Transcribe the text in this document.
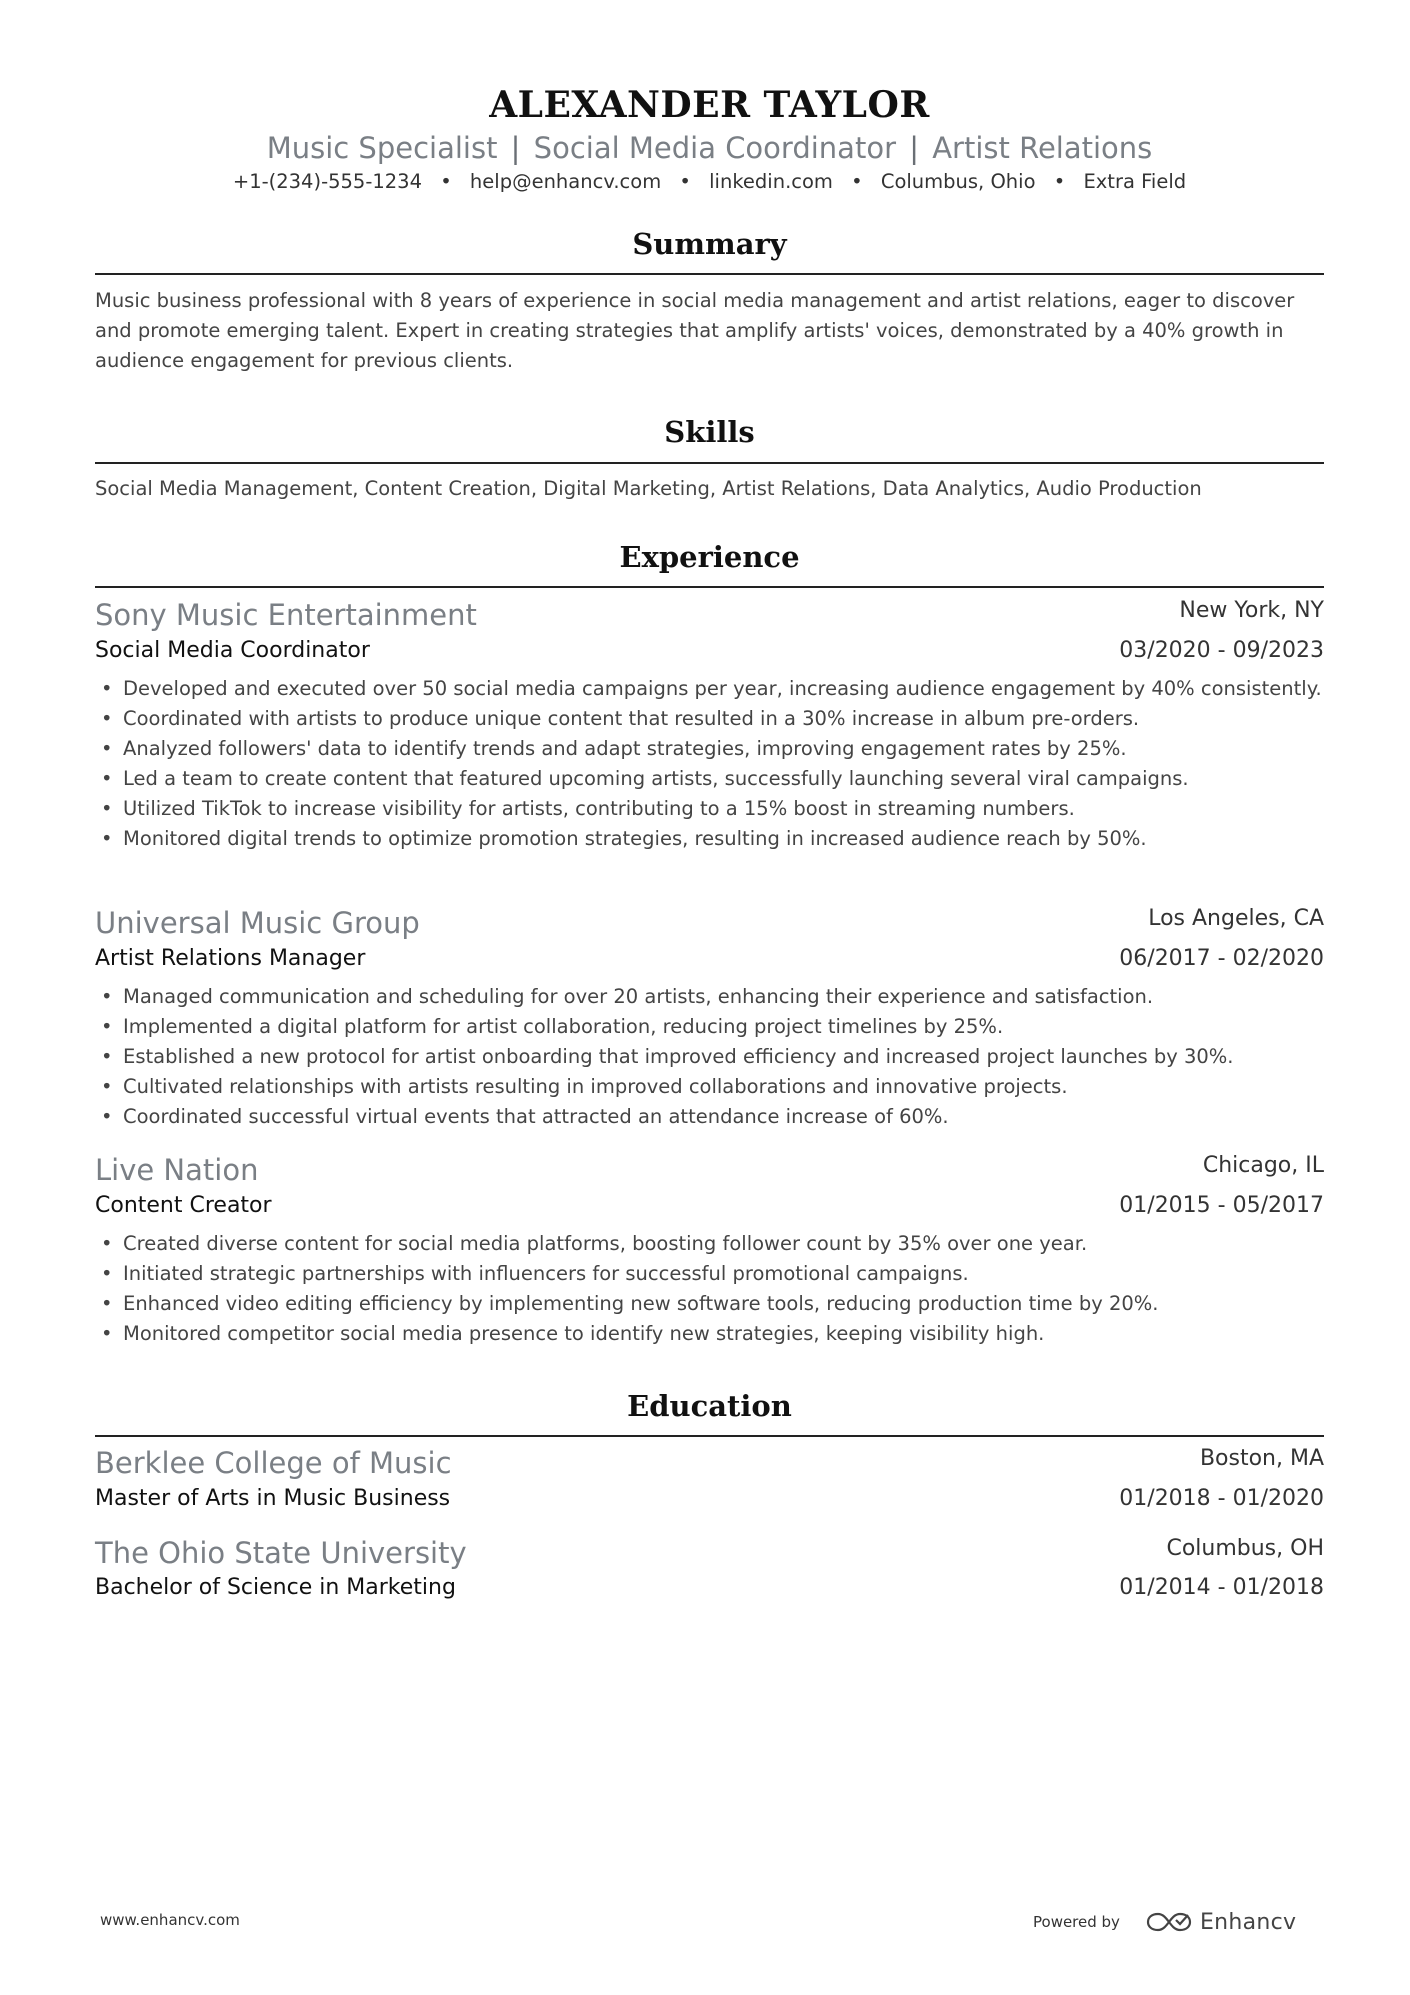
ALEXANDER TAYLOR
Music Specialist | Social Media Coordinator | Artist Relations
+1-(234)-555-1234 • help@enhancv.com • linkedin.com • Columbus, Ohio • Extra Field
Summary
Music business professional with 8 years of experience in social media management and artist relations, eager to discover and promote emerging talent. Expert in creating strategies that amplify artists' voices, demonstrated by a 40% growth in audience engagement for previous clients.
Skills
Social Media Management, Content Creation, Digital Marketing, Artist Relations, Data Analytics, Audio Production
Experience
Sony Music Entertainment	New York, NY
Social Media Coordinator	03/2020 - 09/2023
• Developed and executed over 50 social media campaigns per year, increasing audience engagement by 40% consistently.
• Coordinated with artists to produce unique content that resulted in a 30% increase in album pre-orders.
• Analyzed followers' data to identify trends and adapt strategies, improving engagement rates by 25%.
• Led a team to create content that featured upcoming artists, successfully launching several viral campaigns.
• Utilized TikTok to increase visibility for artists, contributing to a 15% boost in streaming numbers.
• Monitored digital trends to optimize promotion strategies, resulting in increased audience reach by 50%.
Universal Music Group	Los Angeles, CA
Artist Relations Manager	06/2017 - 02/2020
• Managed communication and scheduling for over 20 artists, enhancing their experience and satisfaction.
• Implemented a digital platform for artist collaboration, reducing project timelines by 25%.
• Established a new protocol for artist onboarding that improved efficiency and increased project launches by 30%.
• Cultivated relationships with artists resulting in improved collaborations and innovative projects.
• Coordinated successful virtual events that attracted an attendance increase of 60%.
Live Nation	Chicago, IL
Content Creator	01/2015 - 05/2017
• Created diverse content for social media platforms, boosting follower count by 35% over one year.
• Initiated strategic partnerships with influencers for successful promotional campaigns.
• Enhanced video editing efficiency by implementing new software tools, reducing production time by 20%.
• Monitored competitor social media presence to identify new strategies, keeping visibility high.
Education
Berklee College of Music	Boston, MA
Master of Arts in Music Business	01/2018 - 01/2020
The Ohio State University	Columbus, OH
Bachelor of Science in Marketing	01/2014 - 01/2018
www.enhancv.com	Powered by	Enhancv
